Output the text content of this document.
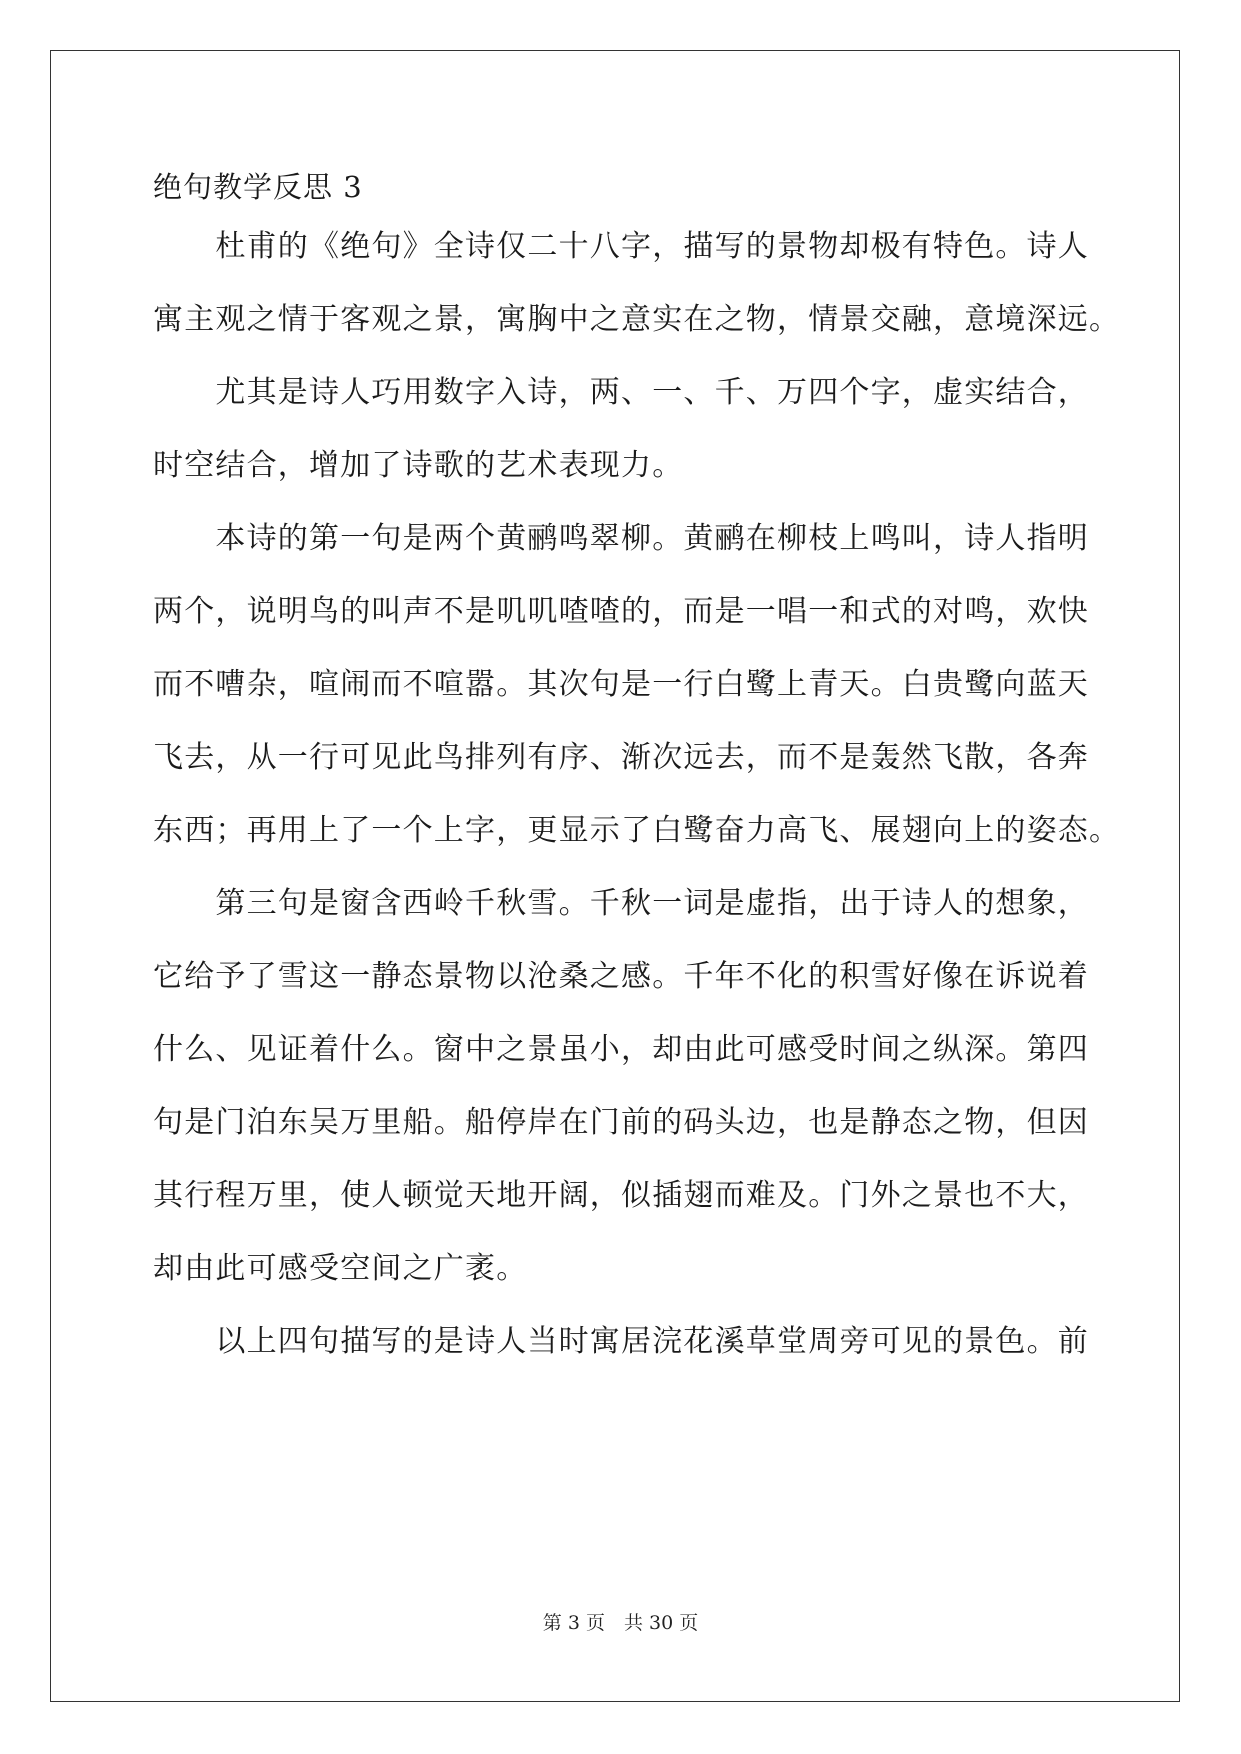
绝句教学反思 3
　　杜甫的《绝句》全诗仅二十八字，描写的景物却极有特色。诗人
寓主观之情于客观之景，寓胸中之意实在之物，情景交融，意境深远。
　　尤其是诗人巧用数字入诗，两、一、千、万四个字，虚实结合，
时空结合，增加了诗歌的艺术表现力。
　　本诗的第一句是两个黄鹂鸣翠柳。黄鹂在柳枝上鸣叫，诗人指明
两个，说明鸟的叫声不是叽叽喳喳的，而是一唱一和式的对鸣，欢快
而不嘈杂，喧闹而不喧嚣。其次句是一行白鹭上青天。白贵鹭向蓝天
飞去，从一行可见此鸟排列有序、渐次远去，而不是轰然飞散，各奔
东西；再用上了一个上字，更显示了白鹭奋力高飞、展翅向上的姿态。
　　第三句是窗含西岭千秋雪。千秋一词是虚指，出于诗人的想象，
它给予了雪这一静态景物以沧桑之感。千年不化的积雪好像在诉说着
什么、见证着什么。窗中之景虽小，却由此可感受时间之纵深。第四
句是门泊东吴万里船。船停岸在门前的码头边，也是静态之物，但因
其行程万里，使人顿觉天地开阔，似插翅而难及。门外之景也不大，
却由此可感受空间之广袤。
　　以上四句描写的是诗人当时寓居浣花溪草堂周旁可见的景色。前
第 3 页　共 30 页
